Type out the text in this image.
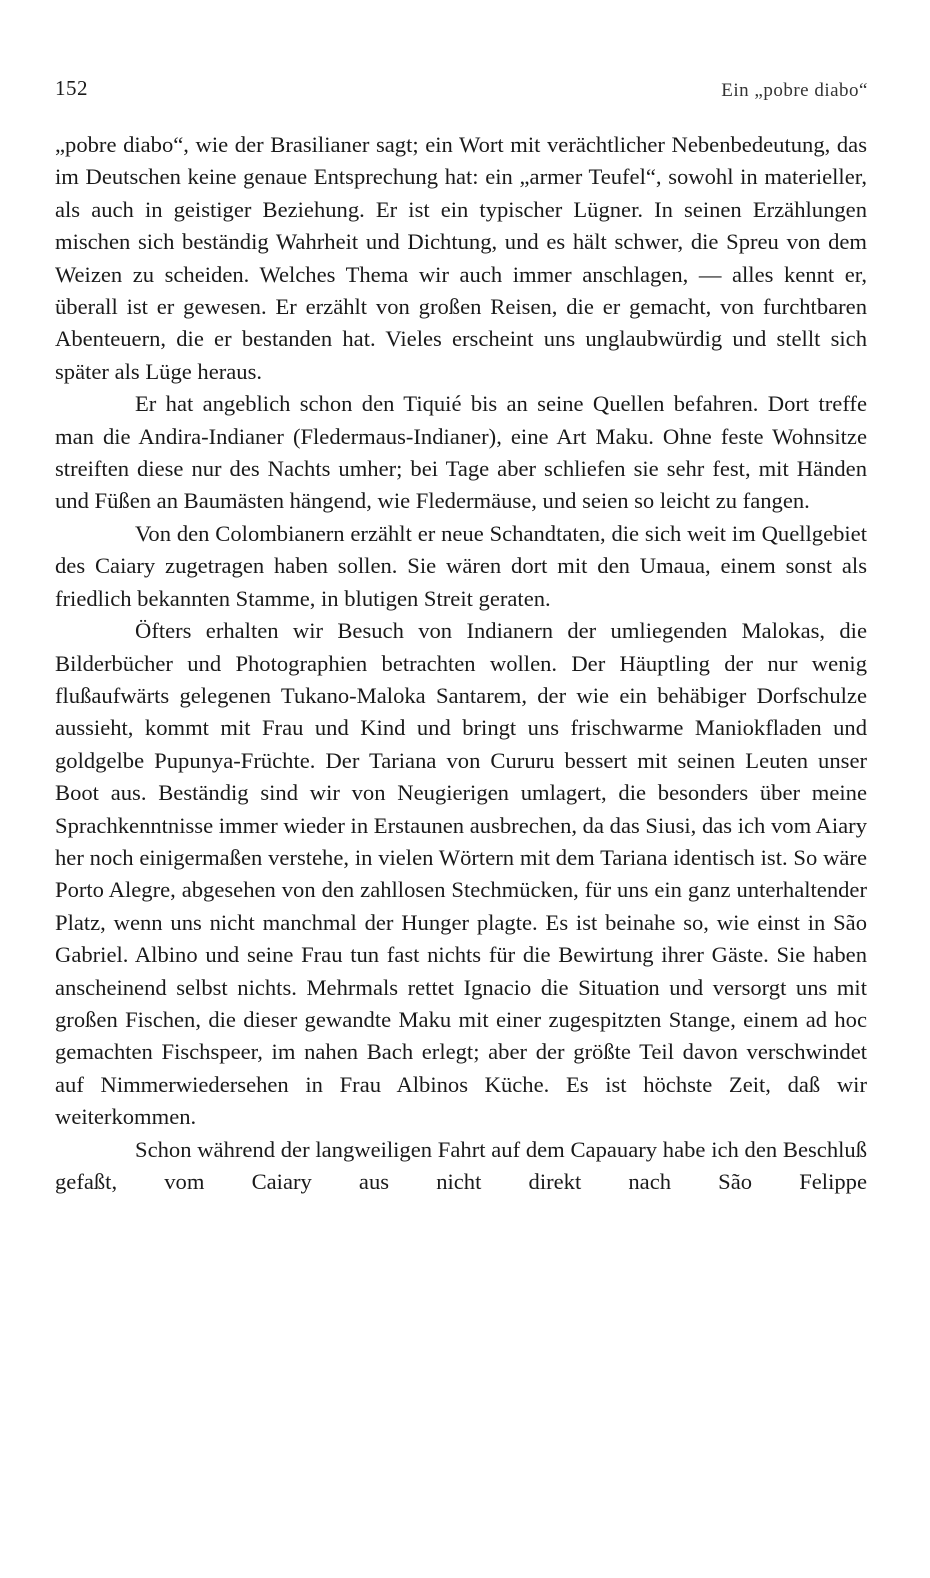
152	Ein „pobre diabo“

„pobre diabo“, wie der Brasilianer sagt; ein Wort mit verächtlicher Nebenbedeutung, das im Deutschen keine genaue Entsprechung hat: ein „armer Teufel“, sowohl in materieller, als auch in geistiger Beziehung. Er ist ein typischer Lügner. In seinen Erzählungen mischen sich beständig Wahrheit und Dichtung, und es hält schwer, die Spreu von dem Weizen zu scheiden. Welches Thema wir auch immer anschlagen, — alles kennt er, überall ist er gewesen. Er erzählt von großen Reisen, die er gemacht, von furchtbaren Abenteuern, die er bestanden hat. Vieles erscheint uns unglaubwürdig und stellt sich später als Lüge heraus.

Er hat angeblich schon den Tiquié bis an seine Quellen befahren. Dort treffe man die Andira-Indianer (Fledermaus-Indianer), eine Art Maku. Ohne feste Wohnsitze streiften diese nur des Nachts umher; bei Tage aber schliefen sie sehr fest, mit Händen und Füßen an Baumästen hängend, wie Fledermäuse, und seien so leicht zu fangen.

Von den Colombianern erzählt er neue Schandtaten, die sich weit im Quellgebiet des Caiary zugetragen haben sollen. Sie wären dort mit den Umaua, einem sonst als friedlich bekannten Stamme, in blutigen Streit geraten.

Öfters erhalten wir Besuch von Indianern der umliegenden Malokas, die Bilderbücher und Photographien betrachten wollen. Der Häuptling der nur wenig flußaufwärts gelegenen Tukano-Maloka Santarem, der wie ein behäbiger Dorfschulze aussieht, kommt mit Frau und Kind und bringt uns frischwarme Maniokfladen und goldgelbe Pupunya-Früchte. Der Tariana von Cururu bessert mit seinen Leuten unser Boot aus. Beständig sind wir von Neugierigen umlagert, die besonders über meine Sprachkenntnisse immer wieder in Erstaunen ausbrechen, da das Siusi, das ich vom Aiary her noch einigermaßen verstehe, in vielen Wörtern mit dem Tariana identisch ist. So wäre Porto Alegre, abgesehen von den zahllosen Stechmücken, für uns ein ganz unterhaltender Platz, wenn uns nicht manchmal der Hunger plagte. Es ist beinahe so, wie einst in São Gabriel. Albino und seine Frau tun fast nichts für die Bewirtung ihrer Gäste. Sie haben anscheinend selbst nichts. Mehrmals rettet Ignacio die Situation und versorgt uns mit großen Fischen, die dieser gewandte Maku mit einer zugespitzten Stange, einem ad hoc gemachten Fischspeer, im nahen Bach erlegt; aber der größte Teil davon verschwindet auf Nimmerwiedersehen in Frau Albinos Küche. Es ist höchste Zeit, daß wir weiterkommen.

Schon während der langweiligen Fahrt auf dem Capauary habe ich den Beschluß gefaßt, vom Caiary aus nicht direkt nach São Felippe
